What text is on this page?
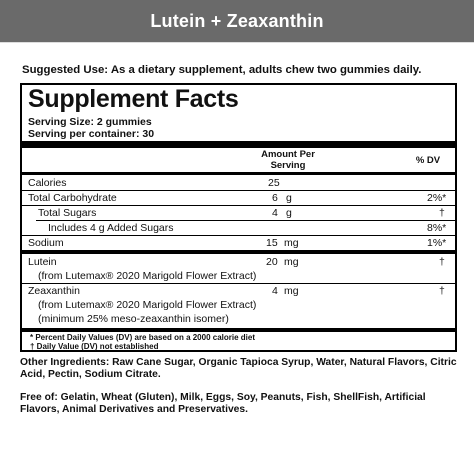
Lutein + Zeaxanthin
Suggested Use: As a dietary supplement, adults chew two gummies daily.
Supplement Facts
Serving Size: 2 gummies
Serving per container: 30
Amount Per Serving	% DV
Calories	25
Total Carbohydrate	6 g	2%*
Total Sugars	4 g	†
Includes 4 g Added Sugars	8%*
Sodium	15 mg	1%*
Lutein	20 mg	†
(from Lutemax® 2020 Marigold Flower Extract)
Zeaxanthin
(from Lutemax® 2020 Marigold Flower Extract)
4 mg	†
(minimum 25% meso-zeaxanthin isomer)
* Percent Daily Values (DV) are based on a 2000 calorie diet
† Daily Value (DV) not established
Other Ingredients: Raw Cane Sugar, Organic Tapioca Syrup, Water, Natural Flavors, Citric Acid, Pectin, Sodium Citrate.
Free of: Gelatin, Wheat (Gluten), Milk, Eggs, Soy, Peanuts, Fish, ShellFish, Artificial Flavors, Animal Derivatives and Preservatives.
